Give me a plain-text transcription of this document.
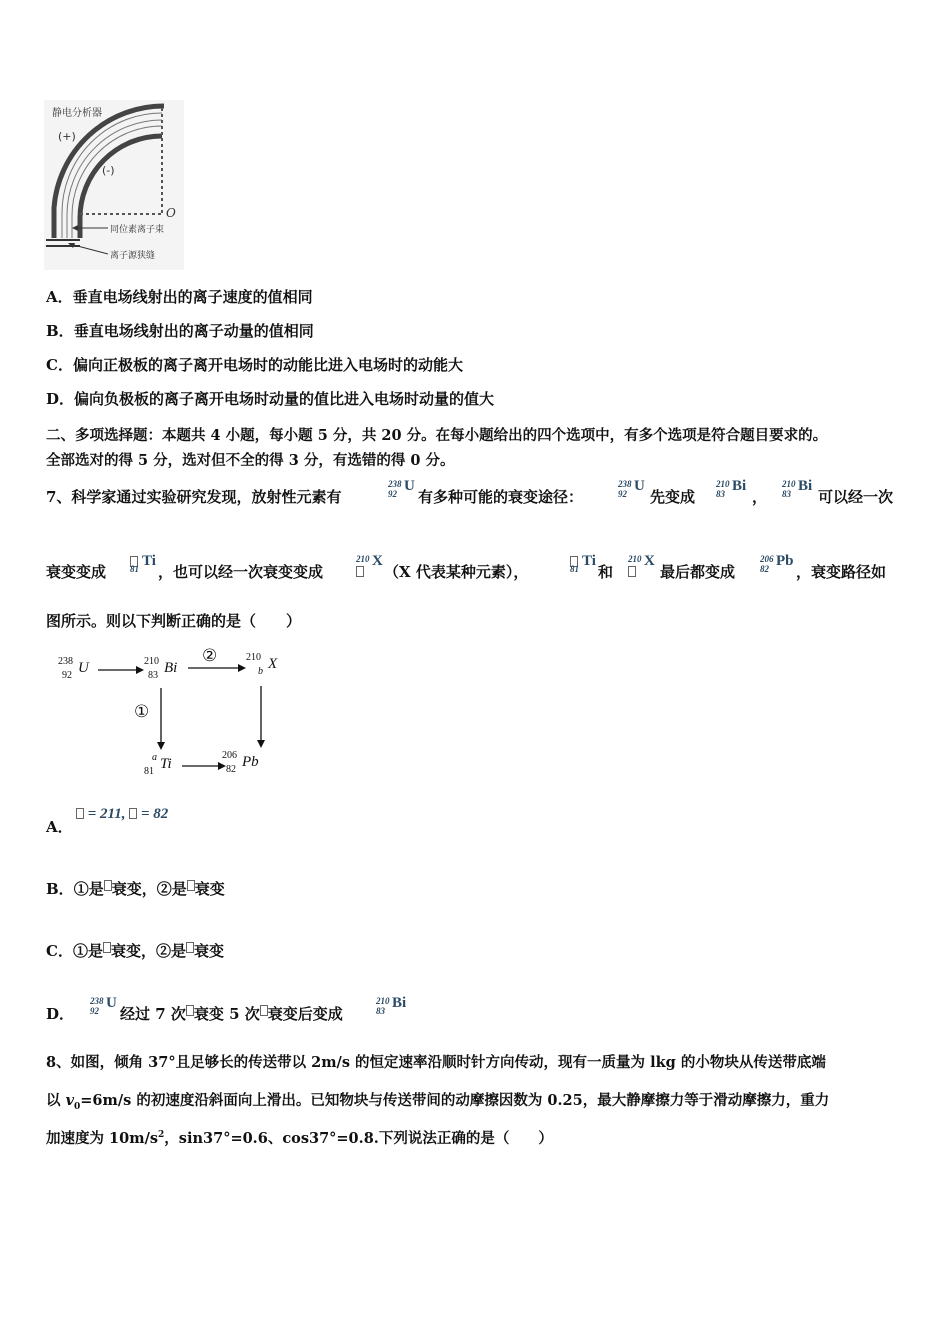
静电分析器
(+)
(-)
O
同位素离子束
离子源狭缝
A．垂直电场线射出的离子速度的值相同
B．垂直电场线射出的离子动量的值相同
C．偏向正极板的离子离开电场时的动能比进入电场时的动能大
D．偏向负极板的离子离开电场时动量的值比进入电场时动量的值大
二、多项选择题：本题共 4 小题，每小题 5 分，共 20 分。在每小题给出的四个选项中，有多个选项是符合题目要求的。
全部选对的得 5 分，选对但不全的得 3 分，有选错的得 0 分。
7、科学家通过实验研究发现，放射性元素有
238
92 U
有多种可能的衰变途径：
238
92 U
先变成
210
83 Bi
，
210
83 Bi
可以经一次
衰变变成	81 Ti
，也可以经一次衰变变成
210 X
（X 代表某种元素），	81 Ti
和
210 X
最后都变成
206
82 Pb
，衰变路径如
图所示。则以下判断正确的是（　　）
238
92 U	210
83 Bi
210
b X
②
①
a
81 Ti
206
82 Pb
A．
= 211, = 82
B．①是 衰变，②是 衰变
C．①是 衰变，②是 衰变
D．
238
92 U
经过 7 次 衰变 5 次 衰变后变成
210
83 Bi
8、如图，倾角 37°且足够长的传送带以 2m/s 的恒定速率沿顺时针方向传动，现有一质量为 lkg 的小物块从传送带底端
以 $v_0=6m/s$ 的初速度沿斜面向上滑出。已知物块与传送带间的动摩擦因数为 0.25，最大静摩擦力等于滑动摩擦力，重力
加速度为 $10m/s^2$，sin37°=0.6、cos37°=0.8.下列说法正确的是（　　）
